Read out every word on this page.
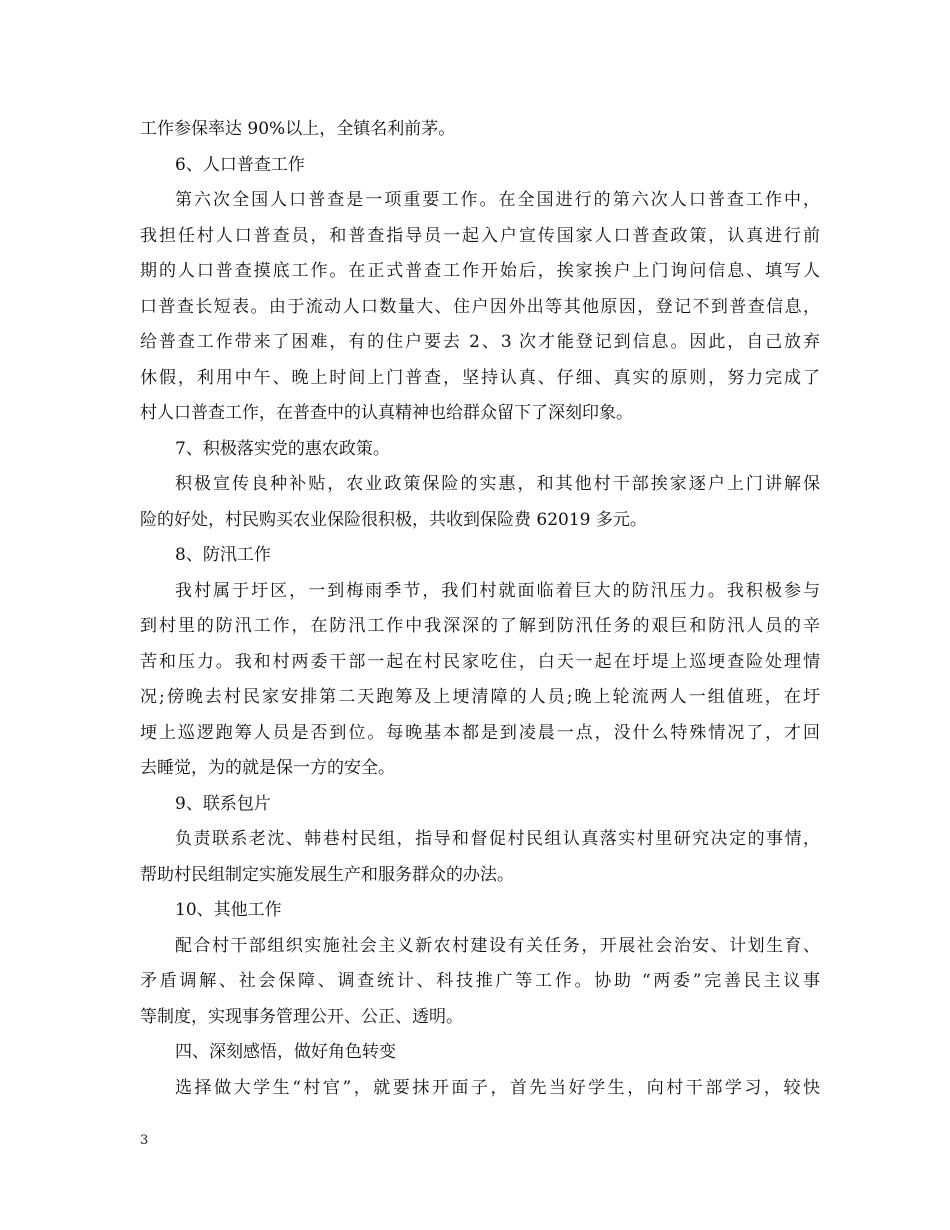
工作参保率达 90%以上，全镇名利前茅。
6、人口普查工作
第六次全国人口普查是一项重要工作。在全国进行的第六次人口普查工作中，
我担任村人口普查员，和普查指导员一起入户宣传国家人口普查政策，认真进行前
期的人口普查摸底工作。在正式普查工作开始后，挨家挨户上门询问信息、填写人
口普查长短表。由于流动人口数量大、住户因外出等其他原因，登记不到普查信息，
给普查工作带来了困难，有的住户要去 2、3 次才能登记到信息。因此，自己放弃
休假，利用中午、晚上时间上门普查，坚持认真、仔细、真实的原则，努力完成了
村人口普查工作，在普查中的认真精神也给群众留下了深刻印象。
7、积极落实党的惠农政策。
积极宣传良种补贴，农业政策保险的实惠，和其他村干部挨家逐户上门讲解保
险的好处，村民购买农业保险很积极，共收到保险费 62019 多元。
8、防汛工作
我村属于圩区，一到梅雨季节，我们村就面临着巨大的防汛压力。我积极参与
到村里的防汛工作，在防汛工作中我深深的了解到防汛任务的艰巨和防汛人员的辛
苦和压力。我和村两委干部一起在村民家吃住，白天一起在圩堤上巡埂查险处理情
况;傍晚去村民家安排第二天跑筹及上埂清障的人员;晚上轮流两人一组值班，在圩
埂上巡逻跑筹人员是否到位。每晚基本都是到凌晨一点，没什么特殊情况了，才回
去睡觉，为的就是保一方的安全。
9、联系包片
负责联系老沈、韩巷村民组，指导和督促村民组认真落实村里研究决定的事情，
帮助村民组制定实施发展生产和服务群众的办法。
10、其他工作
配合村干部组织实施社会主义新农村建设有关任务，开展社会治安、计划生育、
矛盾调解、社会保障、调查统计、科技推广等工作。协助 “两委”完善民主议事
等制度，实现事务管理公开、公正、透明。
四、深刻感悟，做好角色转变
选择做大学生“村官”，就要抹开面子，首先当好学生，向村干部学习，较快
3
